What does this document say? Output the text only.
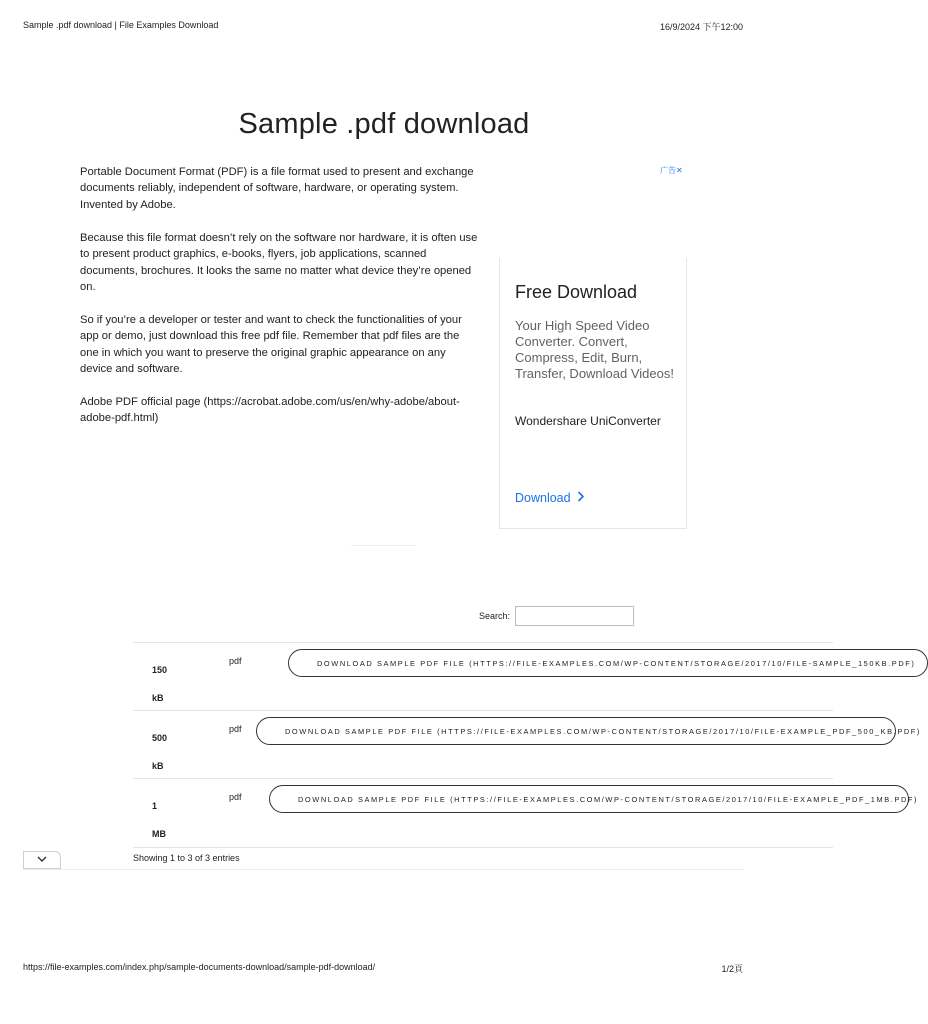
Sample .pdf download | File Examples Download	16/9/2024 下午12:00
Sample .pdf download

Portable Document Format (PDF) is a file format used to present and exchange documents reliably, independent of software, hardware, or operating system. Invented by Adobe.

Because this file format doesn’t rely on the software nor hardware, it is often use to present product graphics, e-books, flyers, job applications, scanned documents, brochures. It looks the same no matter what device they’re opened on.

So if you’re a developer or tester and want to check the functionalities of your app or demo, just download this free pdf file. Remember that pdf files are the one in which you want to preserve the original graphic appearance on any device and software.

Adobe PDF official page (https://acrobat.adobe.com/us/en/why-adobe/about-adobe-pdf.html)

广告✕
Free Download
Your High Speed Video Converter. Convert, Compress, Edit, Burn, Transfer, Download Videos!
Wondershare UniConverter
Download
Search:
150
kB
pdf	DOWNLOAD SAMPLE PDF FILE (HTTPS://FILE-EXAMPLES.COM/WP-CONTENT/STORAGE/2017/10/FILE-SAMPLE_150KB.PDF)
500
kB
pdf	DOWNLOAD SAMPLE PDF FILE (HTTPS://FILE-EXAMPLES.COM/WP-CONTENT/STORAGE/2017/10/FILE-EXAMPLE_PDF_500_KB.PDF)
1
MB
pdf	DOWNLOAD SAMPLE PDF FILE (HTTPS://FILE-EXAMPLES.COM/WP-CONTENT/STORAGE/2017/10/FILE-EXAMPLE_PDF_1MB.PDF)
Showing 1 to 3 of 3 entries
https://file-examples.com/index.php/sample-documents-download/sample-pdf-download/	1/2頁
